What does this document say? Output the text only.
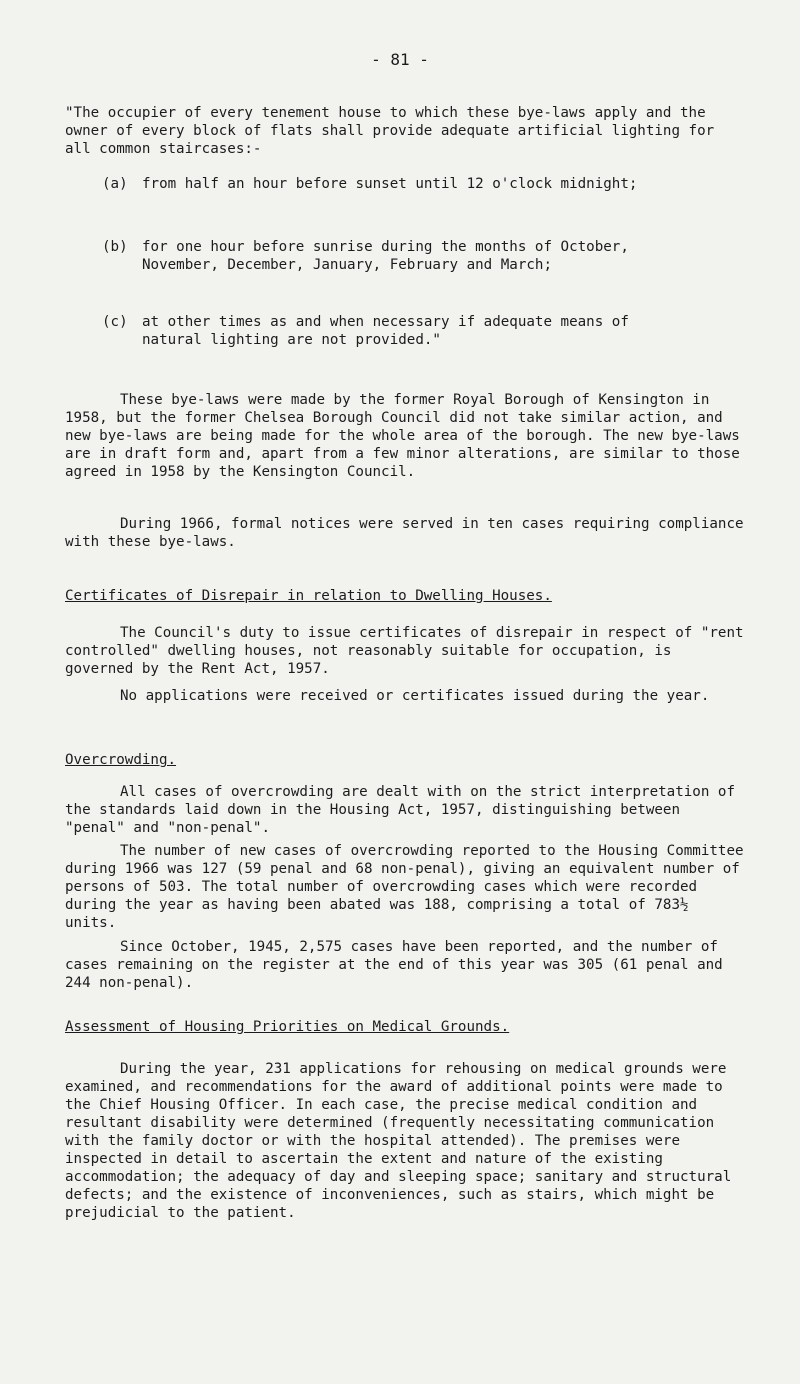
- 81 -
"The occupier of every tenement house to which these bye-laws apply and the owner of every block of flats shall provide adequate artificial lighting for all common staircases:-
(a)	from half an hour before sunset until 12 o'clock midnight;
(b)	for one hour before sunrise during the months of October, November, December, January, February and March;
(c)	at other times as and when necessary if adequate means of natural lighting are not provided."
These bye-laws were made by the former Royal Borough of Kensington in 1958, but the former Chelsea Borough Council did not take similar action, and new bye-laws are being made for the whole area of the borough. The new bye-laws are in draft form and, apart from a few minor alterations, are similar to those agreed in 1958 by the Kensington Council.
During 1966, formal notices were served in ten cases requiring compliance with these bye-laws.
Certificates of Disrepair in relation to Dwelling Houses.
The Council's duty to issue certificates of disrepair in respect of "rent controlled" dwelling houses, not reasonably suitable for occupation, is governed by the Rent Act, 1957.
No applications were received or certificates issued during the year.
Overcrowding.
All cases of overcrowding are dealt with on the strict interpretation of the standards laid down in the Housing Act, 1957, distinguishing between "penal" and "non-penal".
The number of new cases of overcrowding reported to the Housing Committee during 1966 was 127 (59 penal and 68 non-penal), giving an equivalent number of persons of 503. The total number of overcrowding cases which were recorded during the year as having been abated was 188, comprising a total of 783½ units.
Since October, 1945, 2,575 cases have been reported, and the number of cases remaining on the register at the end of this year was 305 (61 penal and 244 non-penal).
Assessment of Housing Priorities on Medical Grounds.
During the year, 231 applications for rehousing on medical grounds were examined, and recommendations for the award of additional points were made to the Chief Housing Officer. In each case, the precise medical condition and resultant disability were determined (frequently necessitating communication with the family doctor or with the hospital attended). The premises were inspected in detail to ascertain the extent and nature of the existing accommodation; the adequacy of day and sleeping space; sanitary and structural defects; and the existence of inconveniences, such as stairs, which might be prejudicial to the patient.
